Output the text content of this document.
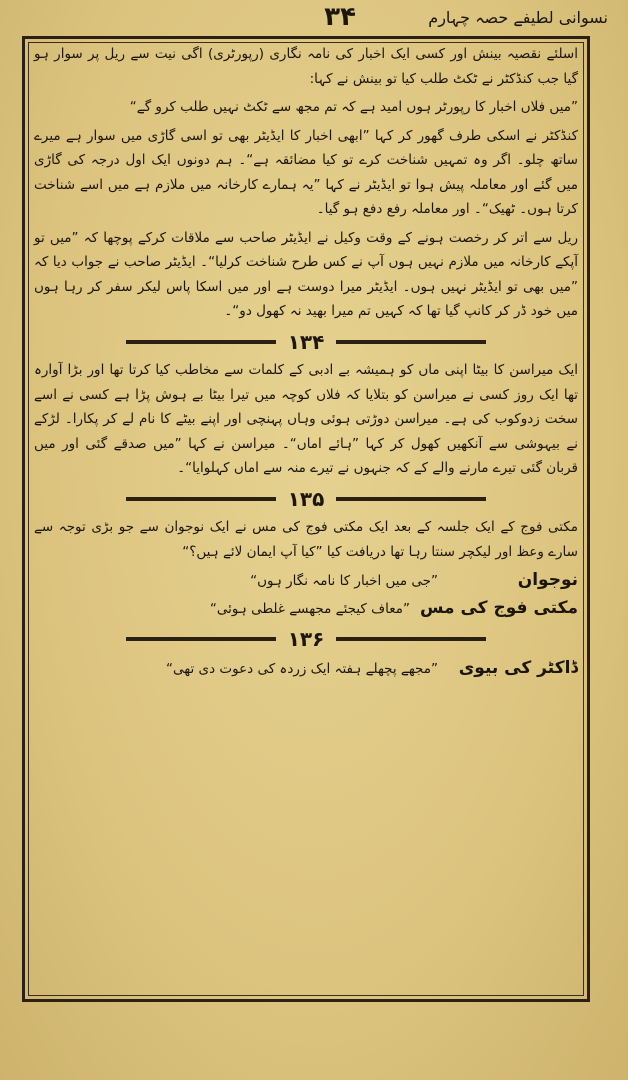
نسوانی لطیفے حصہ چہارم
۳۴

اسلئے نقصیہ بینش اور کسی ایک اخبار کی نامہ نگاری (رپورٹری) اگی نیت سے ریل پر سوار ہو گیا جب کنڈکٹر نے ٹکٹ طلب کیا تو بینش نے کہا:

”میں فلاں اخبار کا رپورٹر ہوں امید ہے کہ تم مجھ سے ٹکٹ نہیں طلب کرو گے“

کنڈکٹر نے اسکی طرف گھور کر کہا ”ابھی اخبار کا ایڈیٹر بھی تو اسی گاڑی میں سوار ہے میرے ساتھ چلو۔ اگر وہ تمہیں شناخت کرے تو کیا مضائقہ ہے“۔ ہم دونوں ایک اول درجہ کی گاڑی میں گئے اور معاملہ پیش ہوا تو ایڈیٹر نے کہا ”یہ ہمارے کارخانہ میں ملازم ہے میں اسے شناخت کرتا ہوں۔ ٹھیک“۔ اور معاملہ رفع دفع ہو گیا۔

ریل سے اتر کر رخصت ہونے کے وقت وکیل نے ایڈیٹر صاحب سے ملاقات کرکے پوچھا کہ ”میں تو آپکے کارخانہ میں ملازم نہیں ہوں آپ نے کس طرح شناخت کرلیا“۔ ایڈیٹر صاحب نے جواب دیا کہ ”میں بھی تو ایڈیٹر نہیں ہوں۔ ایڈیٹر میرا دوست ہے اور میں اسکا پاس لیکر سفر کر رہا ہوں میں خود ڈر کر کانپ گیا تھا کہ کہیں تم میرا بھید نہ کھول دو“۔

۱۳۴

ایک میراسن کا بیٹا اپنی ماں کو ہمیشہ بے ادبی کے کلمات سے مخاطب کیا کرتا تھا اور بڑا آوارہ تھا ایک روز کسی نے میراسن کو بتلایا کہ فلاں کوچہ میں تیرا بیٹا بے ہوش پڑا ہے کسی نے اسے سخت زدوکوب کی ہے۔ میراسن دوڑتی ہوئی وہاں پہنچی اور اپنے بیٹے کا نام لے کر پکارا۔ لڑکے نے بیہوشی سے آنکھیں کھول کر کہا ”ہائے اماں“۔ میراسن نے کہا ”میں صدقے گئی اور میں قربان گئی تیرے مارنے والے کے کہ جنہوں نے تیرے منہ سے اماں کہلوایا“۔

۱۳۵

مکتی فوج کے ایک جلسہ کے بعد ایک مکتی فوج کی مس نے ایک نوجوان سے جو بڑی توجہ سے سارے وعظ اور لیکچر سنتا رہا تھا دریافت کیا ”کیا آپ ایمان لائے ہیں؟“

نوجوان
”جی میں اخبار کا نامہ نگار ہوں“
مکتی فوج کی مس
”معاف کیجئے مجھسے غلطی ہوئی“
۱۳۶
ڈاکٹر کی بیوی
”مجھے پچھلے ہفتہ ایک زردہ کی دعوت دی تھی“
